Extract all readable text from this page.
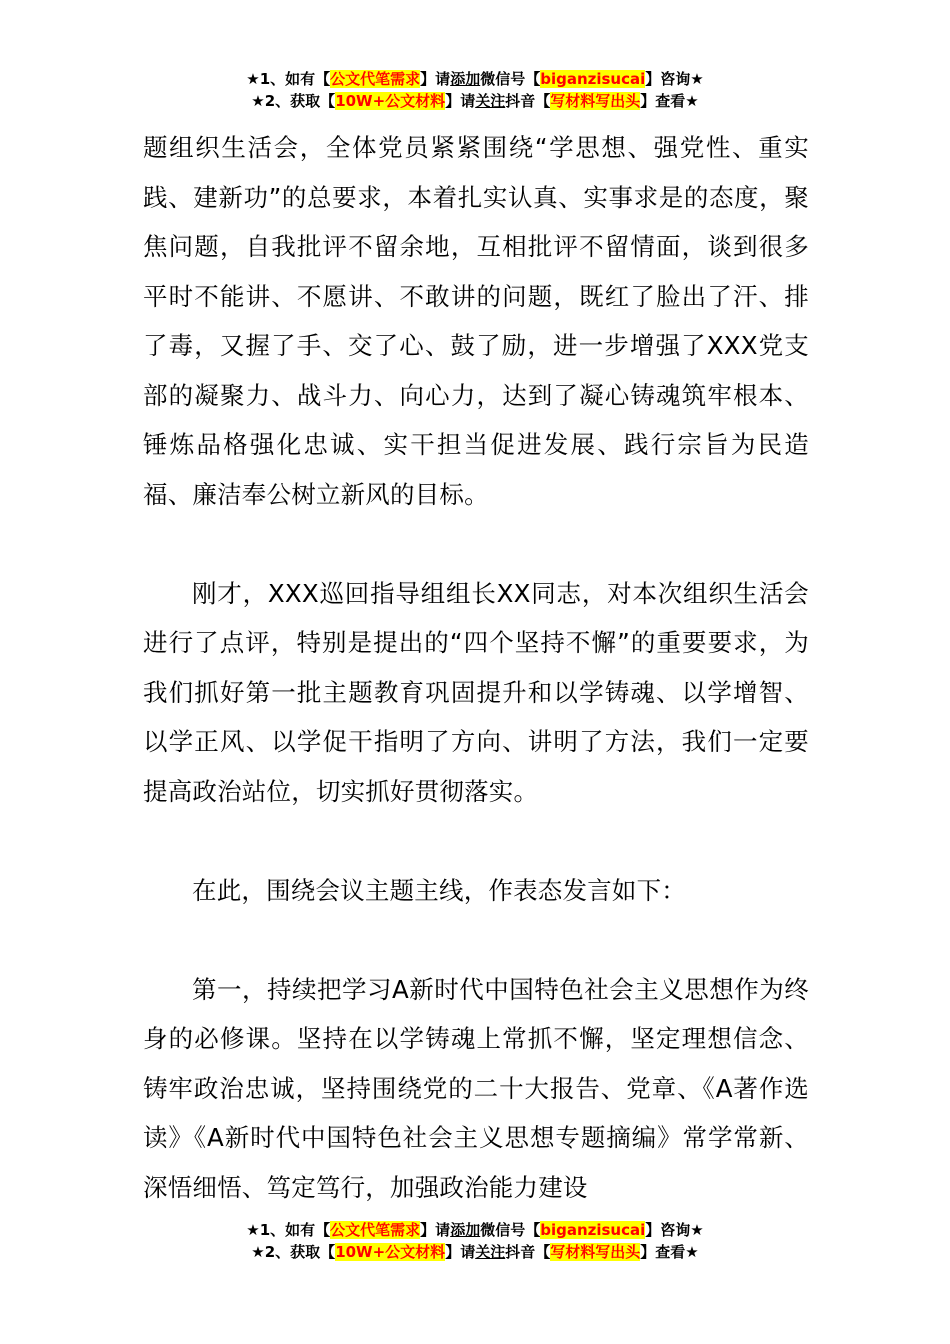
★1、如有【公文代笔需求】请添加微信号【biganzisucai】咨询★
★2、获取【10W+公文材料】请关注抖音【写材料写出头】查看★

题组织生活会，全体党员紧紧围绕“学思想、强党性、重实践、建新功”的总要求，本着扎实认真、实事求是的态度，聚焦问题，自我批评不留余地，互相批评不留情面，谈到很多平时不能讲、不愿讲、不敢讲的问题，既红了脸出了汗、排了毒，又握了手、交了心、鼓了励，进一步增强了XXX党支部的凝聚力、战斗力、向心力，达到了凝心铸魂筑牢根本、锤炼品格强化忠诚、实干担当促进发展、践行宗旨为民造福、廉洁奉公树立新风的目标。

刚才，XXX巡回指导组组长XX同志，对本次组织生活会进行了点评，特别是提出的“四个坚持不懈”的重要要求，为我们抓好第一批主题教育巩固提升和以学铸魂、以学增智、以学正风、以学促干指明了方向、讲明了方法，我们一定要提高政治站位，切实抓好贯彻落实。

在此，围绕会议主题主线，作表态发言如下：

第一，持续把学习A新时代中国特色社会主义思想作为终身的必修课。坚持在以学铸魂上常抓不懈，坚定理想信念、铸牢政治忠诚，坚持围绕党的二十大报告、党章、《A著作选读》《A新时代中国特色社会主义思想专题摘编》常学常新、深悟细悟、笃定笃行，加强政治能力建设

★1、如有【公文代笔需求】请添加微信号【biganzisucai】咨询★
★2、获取【10W+公文材料】请关注抖音【写材料写出头】查看★
